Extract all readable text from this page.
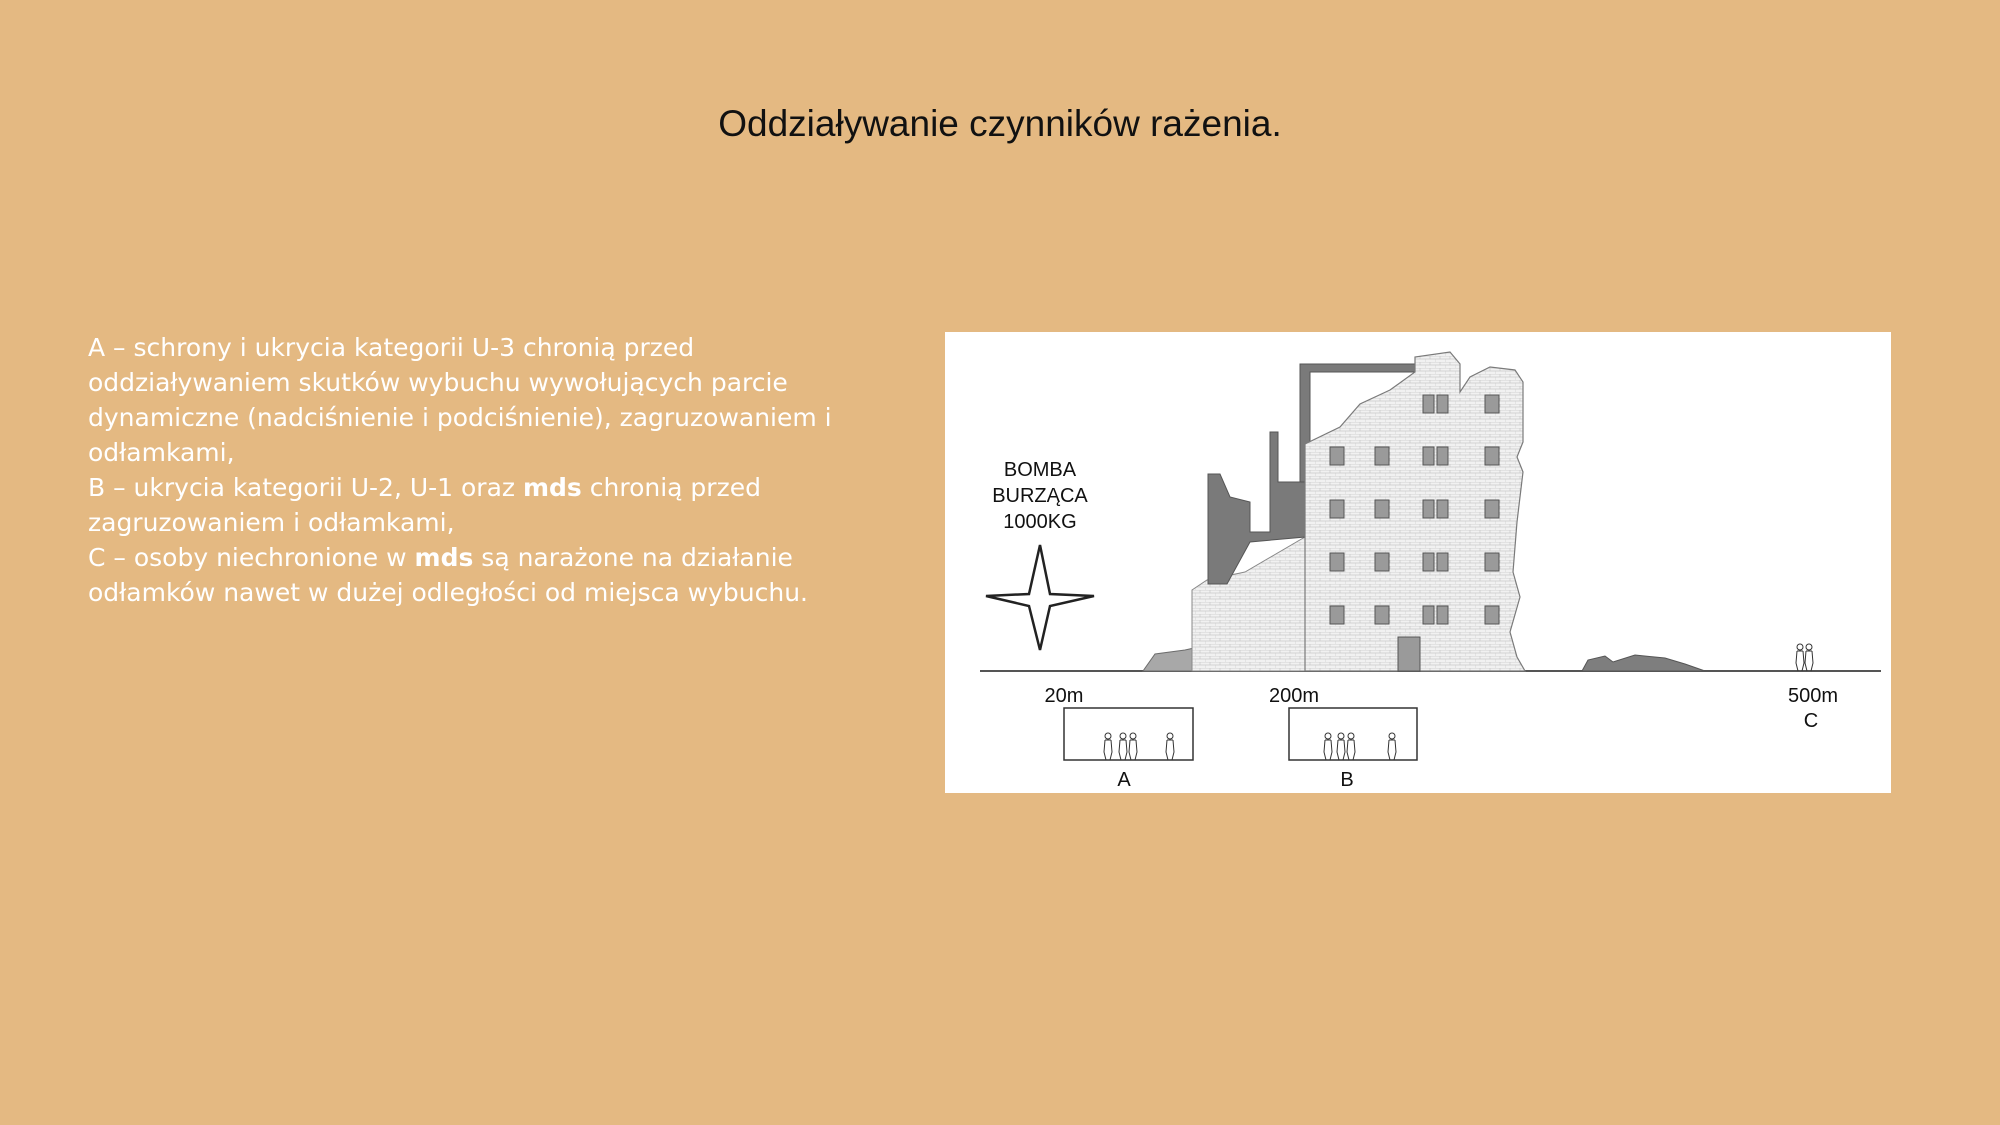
Oddziaływanie czynników rażenia.

A – schrony i ukrycia kategorii U-3 chronią przed oddziaływaniem skutków wybuchu wywołujących parcie dynamiczne (nadciśnienie i podciśnienie), zagruzowaniem i odłamkami,

B – ukrycia kategorii U-2, U-1 oraz mds chronią przed zagruzowaniem i odłamkami,

C – osoby niechronione w mds są narażone na działanie odłamków nawet w dużej odległości od miejsca wybuchu.

BOMBA
BURZĄCA
1000KG
20m	200m	500m
A	B
C
